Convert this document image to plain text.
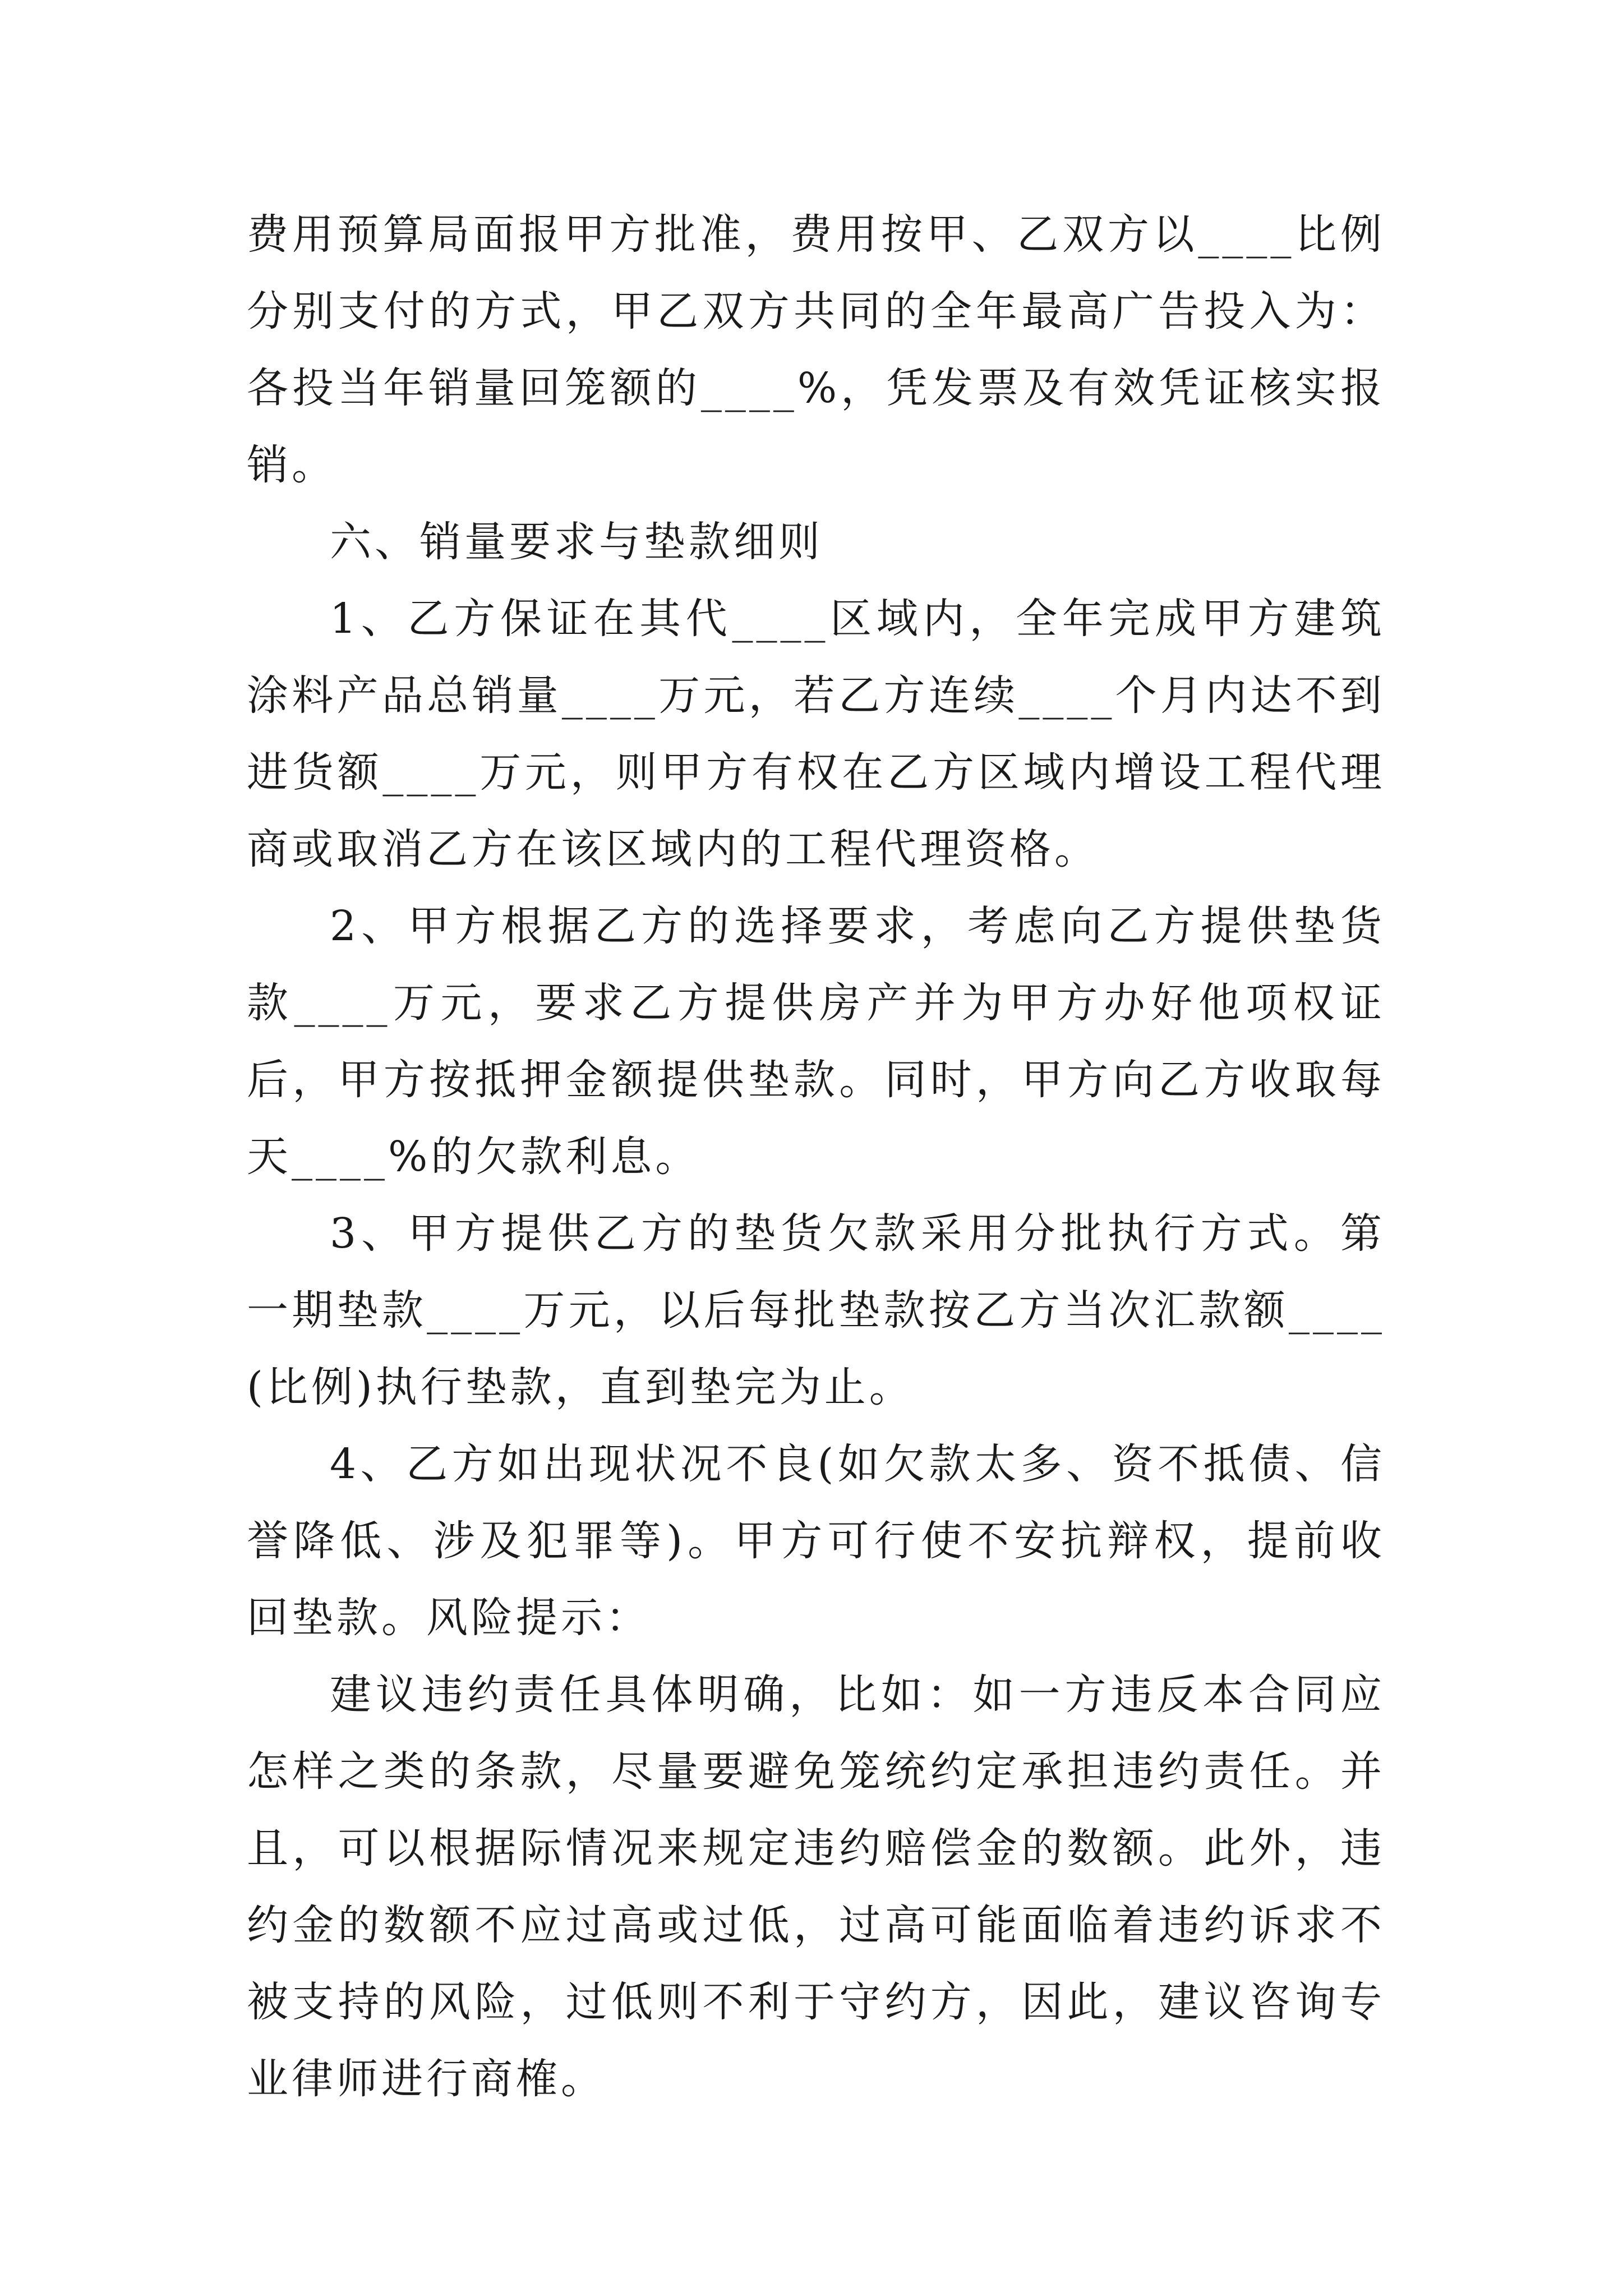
费用预算局面报甲方批准，费用按甲、乙双方以____比例分别支付的方式，甲乙双方共同的全年最高广告投入为：各投当年销量回笼额的____%，凭发票及有效凭证核实报销。

六、销量要求与垫款细则

1、乙方保证在其代____区域内，全年完成甲方建筑涂料产品总销量____万元，若乙方连续____个月内达不到进货额____万元，则甲方有权在乙方区域内增设工程代理商或取消乙方在该区域内的工程代理资格。

2、甲方根据乙方的选择要求，考虑向乙方提供垫货款____万元，要求乙方提供房产并为甲方办好他项权证后，甲方按抵押金额提供垫款。同时，甲方向乙方收取每天____%的欠款利息。

3、甲方提供乙方的垫货欠款采用分批执行方式。第一期垫款____万元，以后每批垫款按乙方当次汇款额____(比例)执行垫款，直到垫完为止。

4、乙方如出现状况不良(如欠款太多、资不抵债、信誉降低、涉及犯罪等)。甲方可行使不安抗辩权，提前收回垫款。风险提示：

建议违约责任具体明确，比如：如一方违反本合同应怎样之类的条款，尽量要避免笼统约定承担违约责任。并且，可以根据际情况来规定违约赔偿金的数额。此外，违约金的数额不应过高或过低，过高可能面临着违约诉求不被支持的风险，过低则不利于守约方，因此，建议咨询专业律师进行商榷。
